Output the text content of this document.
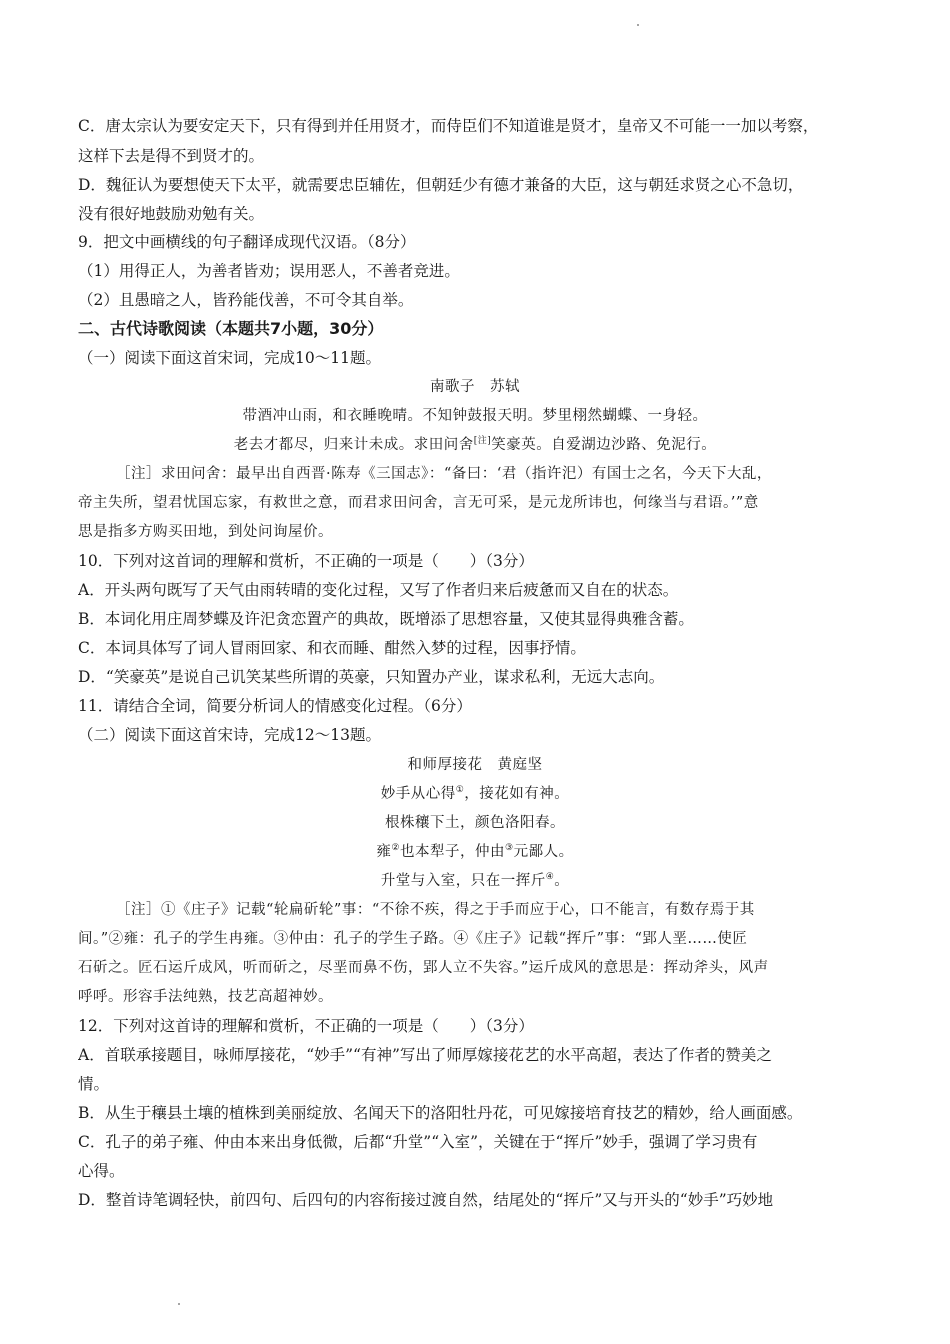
C．唐太宗认为要安定天下，只有得到并任用贤才，而侍臣们不知道谁是贤才，皇帝又不可能一一加以考察，
这样下去是得不到贤才的。
D．魏征认为要想使天下太平，就需要忠臣辅佐，但朝廷少有德才兼备的大臣，这与朝廷求贤之心不急切，
没有很好地鼓励劝勉有关。
9．把文中画横线的句子翻译成现代汉语。（8分）
（1）用得正人，为善者皆劝；误用恶人，不善者竞进。
（2）且愚暗之人，皆矜能伐善，不可令其自举。
二、古代诗歌阅读（本题共7小题，30分）
（一）阅读下面这首宋词，完成10～11题。
南歌子　苏轼
带酒冲山雨，和衣睡晚晴。不知钟鼓报天明。梦里栩然蝴蝶、一身轻。
老去才都尽，归来计未成。求田问舍[注]笑豪英。自爱湖边沙路、免泥行。
［注］求田问舍：最早出自西晋·陈寿《三国志》：“备曰：‘君（指许汜）有国士之名，今天下大乱，
帝主失所，望君忧国忘家，有救世之意，而君求田问舍，言无可采，是元龙所讳也，何缘当与君语。’”意
思是指多方购买田地，到处问询屋价。
10．下列对这首词的理解和赏析，不正确的一项是（　　）（3分）
A．开头两句既写了天气由雨转晴的变化过程，又写了作者归来后疲惫而又自在的状态。
B．本词化用庄周梦蝶及许汜贪恋置产的典故，既增添了思想容量，又使其显得典雅含蓄。
C．本词具体写了词人冒雨回家、和衣而睡、酣然入梦的过程，因事抒情。
D．“笑豪英”是说自己讥笑某些所谓的英豪，只知置办产业，谋求私利，无远大志向。
11．请结合全词，简要分析词人的情感变化过程。（6分）
（二）阅读下面这首宋诗，完成12～13题。
和师厚接花　黄庭坚
妙手从心得①，接花如有神。
根株穰下土，颜色洛阳春。
雍②也本犁子，仲由③元鄙人。
升堂与入室，只在一挥斤④。
［注］①《庄子》记载“轮扁斫轮”事：“不徐不疾，得之于手而应于心，口不能言，有数存焉于其
间。”②雍：孔子的学生冉雍。③仲由：孔子的学生子路。④《庄子》记载“挥斤”事：“郢人垩……使匠
石斫之。匠石运斤成风，听而斫之，尽垩而鼻不伤，郢人立不失容。”运斤成风的意思是：挥动斧头，风声
呼呼。形容手法纯熟，技艺高超神妙。
12．下列对这首诗的理解和赏析，不正确的一项是（　　）（3分）
A．首联承接题目，咏师厚接花，“妙手”“有神”写出了师厚嫁接花艺的水平高超，表达了作者的赞美之
情。
B．从生于穰县土壤的植株到美丽绽放、名闻天下的洛阳牡丹花，可见嫁接培育技艺的精妙，给人画面感。
C．孔子的弟子雍、仲由本来出身低微，后都“升堂”“入室”，关键在于“挥斤”妙手，强调了学习贵有
心得。
D．整首诗笔调轻快，前四句、后四句的内容衔接过渡自然，结尾处的“挥斤”又与开头的“妙手”巧妙地
